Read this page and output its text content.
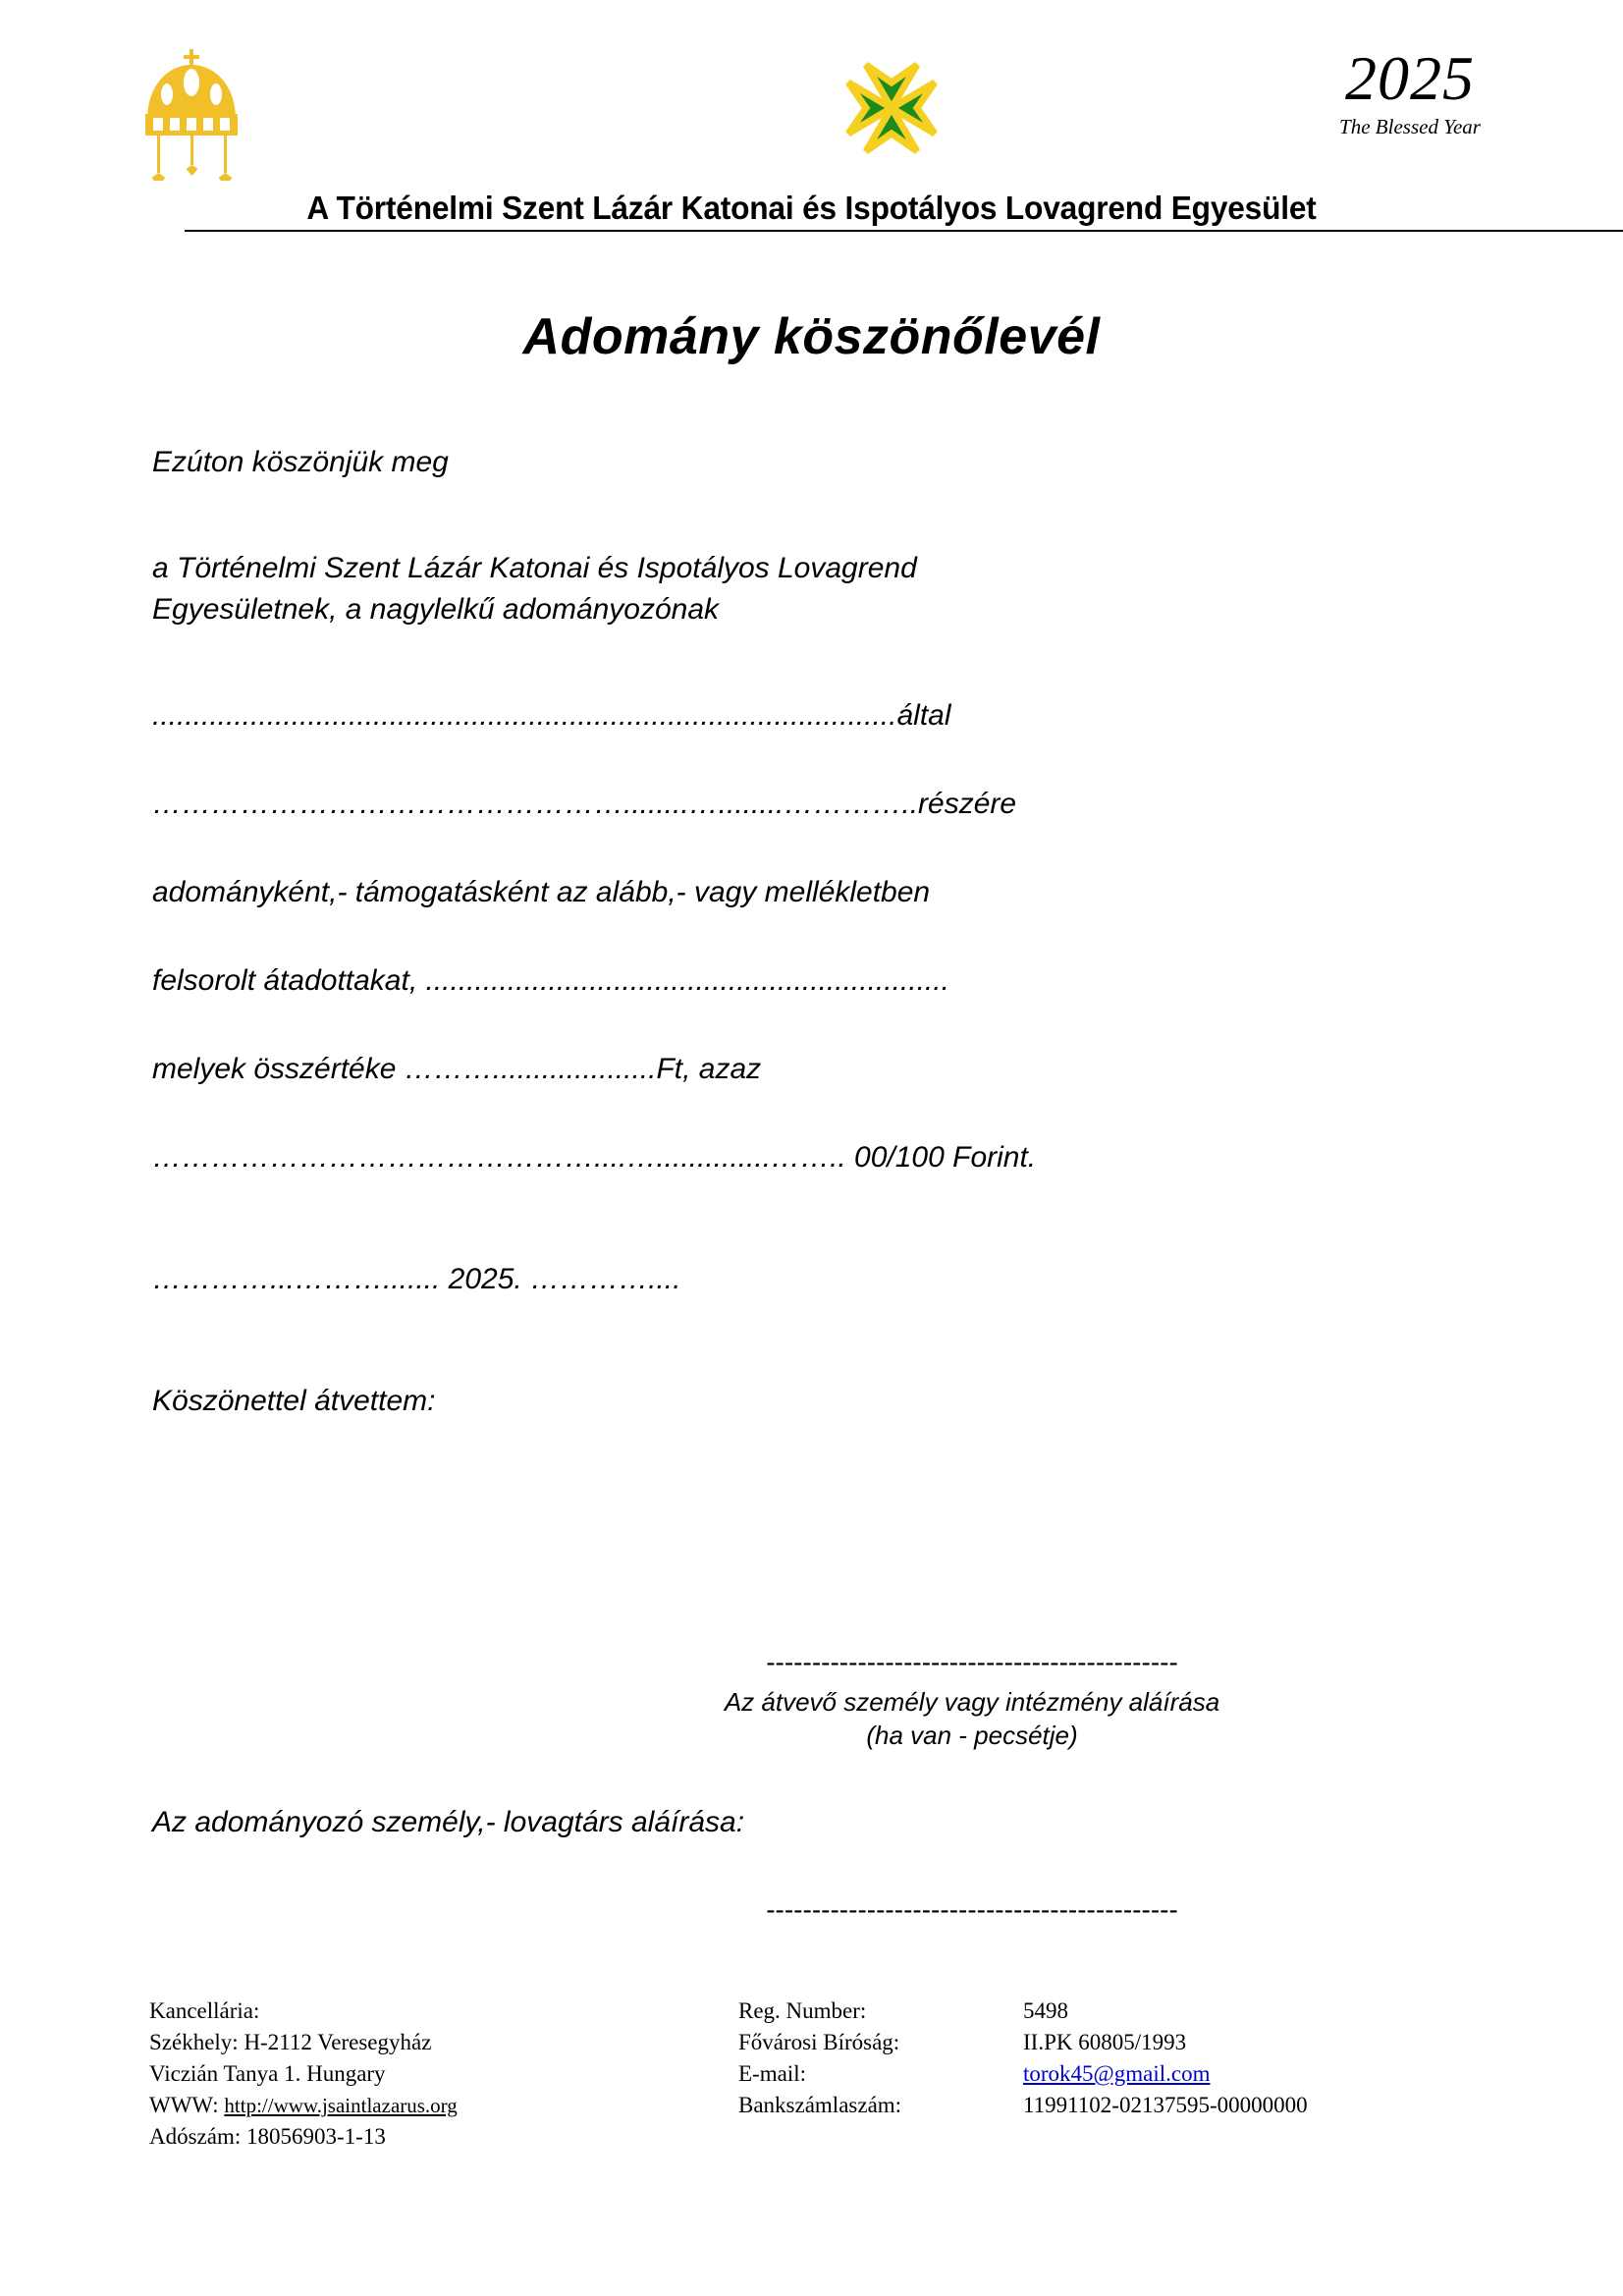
2025
The Blessed Year
A Történelmi Szent Lázár Katonai és Ispotályos Lovagrend Egyesület
Adomány köszönőlevél
Ezúton köszönjük meg
a Történelmi Szent Lázár Katonai és Ispotályos Lovagrend
Egyesületnek, a nagylelkű adományozónak
...........................................................................................által
…………………………………………........…........…………..részére
adományként,- támogatásként az alább,- vagy mellékletben
felsorolt átadottakat, ................................................................
melyek összértéke ………....................Ft, azaz
………………………………………....…..............…….. 00/100 Forint.
…………...………....... 2025. …………....
Köszönettel átvettem:
---------------------------------------------
Az átvevő személy vagy intézmény aláírása
(ha van - pecsétje)
Az adományozó személy,- lovagtárs aláírása:
---------------------------------------------
Kancellária:
Székhely: H-2112 Veresegyház
Viczián Tanya 1. Hungary
WWW: http://www.jsaintlazarus.org
Adószám: 18056903-1-13
Reg. Number:	5498
Fővárosi Bíróság:	II.PK 60805/1993
E-mail:	torok45@gmail.com
Bankszámlaszám:	11991102-02137595-00000000
